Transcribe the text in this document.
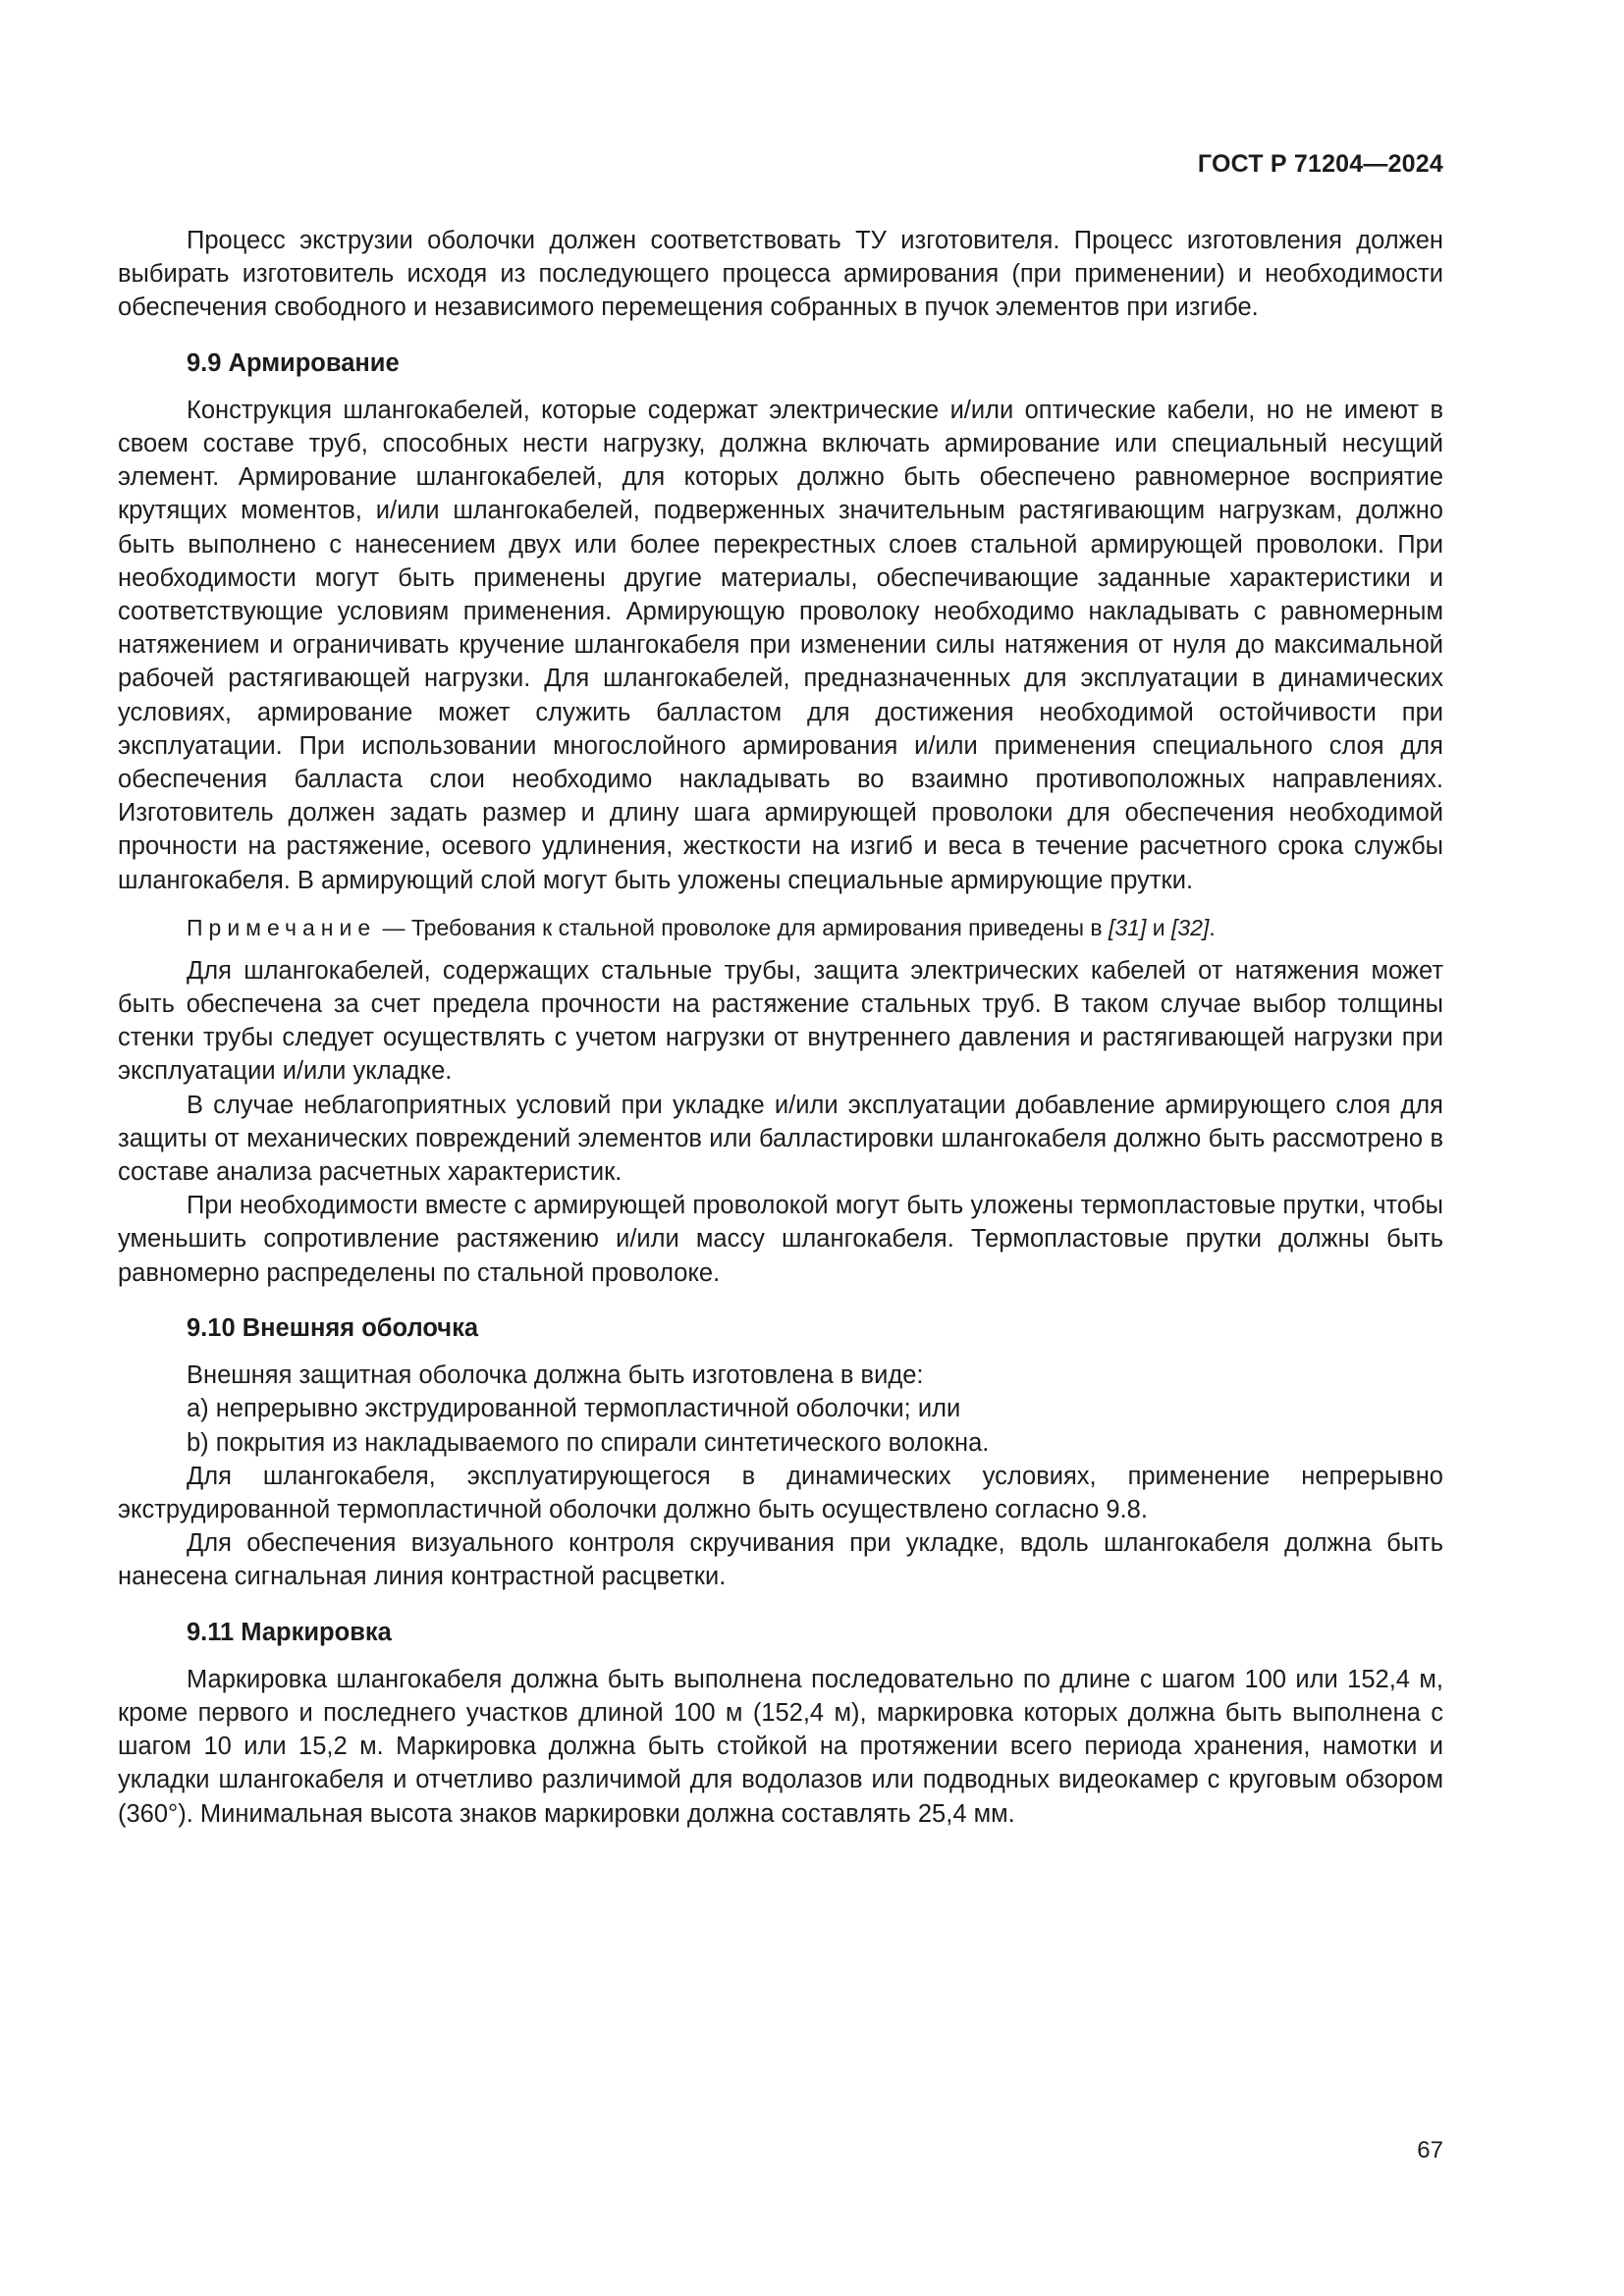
ГОСТ Р 71204—2024

Процесс экструзии оболочки должен соответствовать ТУ изготовителя. Процесс изготовления должен выбирать изготовитель исходя из последующего процесса армирования (при применении) и необходимости обеспечения свободного и независимого перемещения собранных в пучок элементов при изгибе.

9.9 Армирование

Конструкция шлангокабелей, которые содержат электрические и/или оптические кабели, но не имеют в своем составе труб, способных нести нагрузку, должна включать армирование или специальный несущий элемент. Армирование шлангокабелей, для которых должно быть обеспечено равномерное восприятие крутящих моментов, и/или шлангокабелей, подверженных значительным растягивающим нагрузкам, должно быть выполнено с нанесением двух или более перекрестных слоев стальной армирующей проволоки. При необходимости могут быть применены другие материалы, обеспечивающие заданные характеристики и соответствующие условиям применения. Армирующую проволоку необходимо накладывать с равномерным натяжением и ограничивать кручение шлангокабеля при изменении силы натяжения от нуля до максимальной рабочей растягивающей нагрузки. Для шлангокабелей, предназначенных для эксплуатации в динамических условиях, армирование может служить балластом для достижения необходимой остойчивости при эксплуатации. При использовании многослойного армирования и/или применения специального слоя для обеспечения балласта слои необходимо накладывать во взаимно противоположных направлениях. Изготовитель должен задать размер и длину шага армирующей проволоки для обеспечения необходимой прочности на растяжение, осевого удлинения, жесткости на изгиб и веса в течение расчетного срока службы шлангокабеля. В армирующий слой могут быть уложены специальные армирующие прутки.

Примечание — Требования к стальной проволоке для армирования приведены в [31] и [32].

Для шлангокабелей, содержащих стальные трубы, защита электрических кабелей от натяжения может быть обеспечена за счет предела прочности на растяжение стальных труб. В таком случае выбор толщины стенки трубы следует осуществлять с учетом нагрузки от внутреннего давления и растягивающей нагрузки при эксплуатации и/или укладке.

В случае неблагоприятных условий при укладке и/или эксплуатации добавление армирующего слоя для защиты от механических повреждений элементов или балластировки шлангокабеля должно быть рассмотрено в составе анализа расчетных характеристик.

При необходимости вместе с армирующей проволокой могут быть уложены термопластовые прутки, чтобы уменьшить сопротивление растяжению и/или массу шлангокабеля. Термопластовые прутки должны быть равномерно распределены по стальной проволоке.

9.10 Внешняя оболочка

Внешняя защитная оболочка должна быть изготовлена в виде:

a) непрерывно экструдированной термопластичной оболочки; или

b) покрытия из накладываемого по спирали синтетического волокна.

Для шлангокабеля, эксплуатирующегося в динамических условиях, применение непрерывно экструдированной термопластичной оболочки должно быть осуществлено согласно 9.8.

Для обеспечения визуального контроля скручивания при укладке, вдоль шлангокабеля должна быть нанесена сигнальная линия контрастной расцветки.

9.11 Маркировка

Маркировка шлангокабеля должна быть выполнена последовательно по длине с шагом 100 или 152,4 м, кроме первого и последнего участков длиной 100 м (152,4 м), маркировка которых должна быть выполнена с шагом 10 или 15,2 м. Маркировка должна быть стойкой на протяжении всего периода хранения, намотки и укладки шлангокабеля и отчетливо различимой для водолазов или подводных видеокамер с круговым обзором (360°). Минимальная высота знаков маркировки должна составлять 25,4 мм.

67
